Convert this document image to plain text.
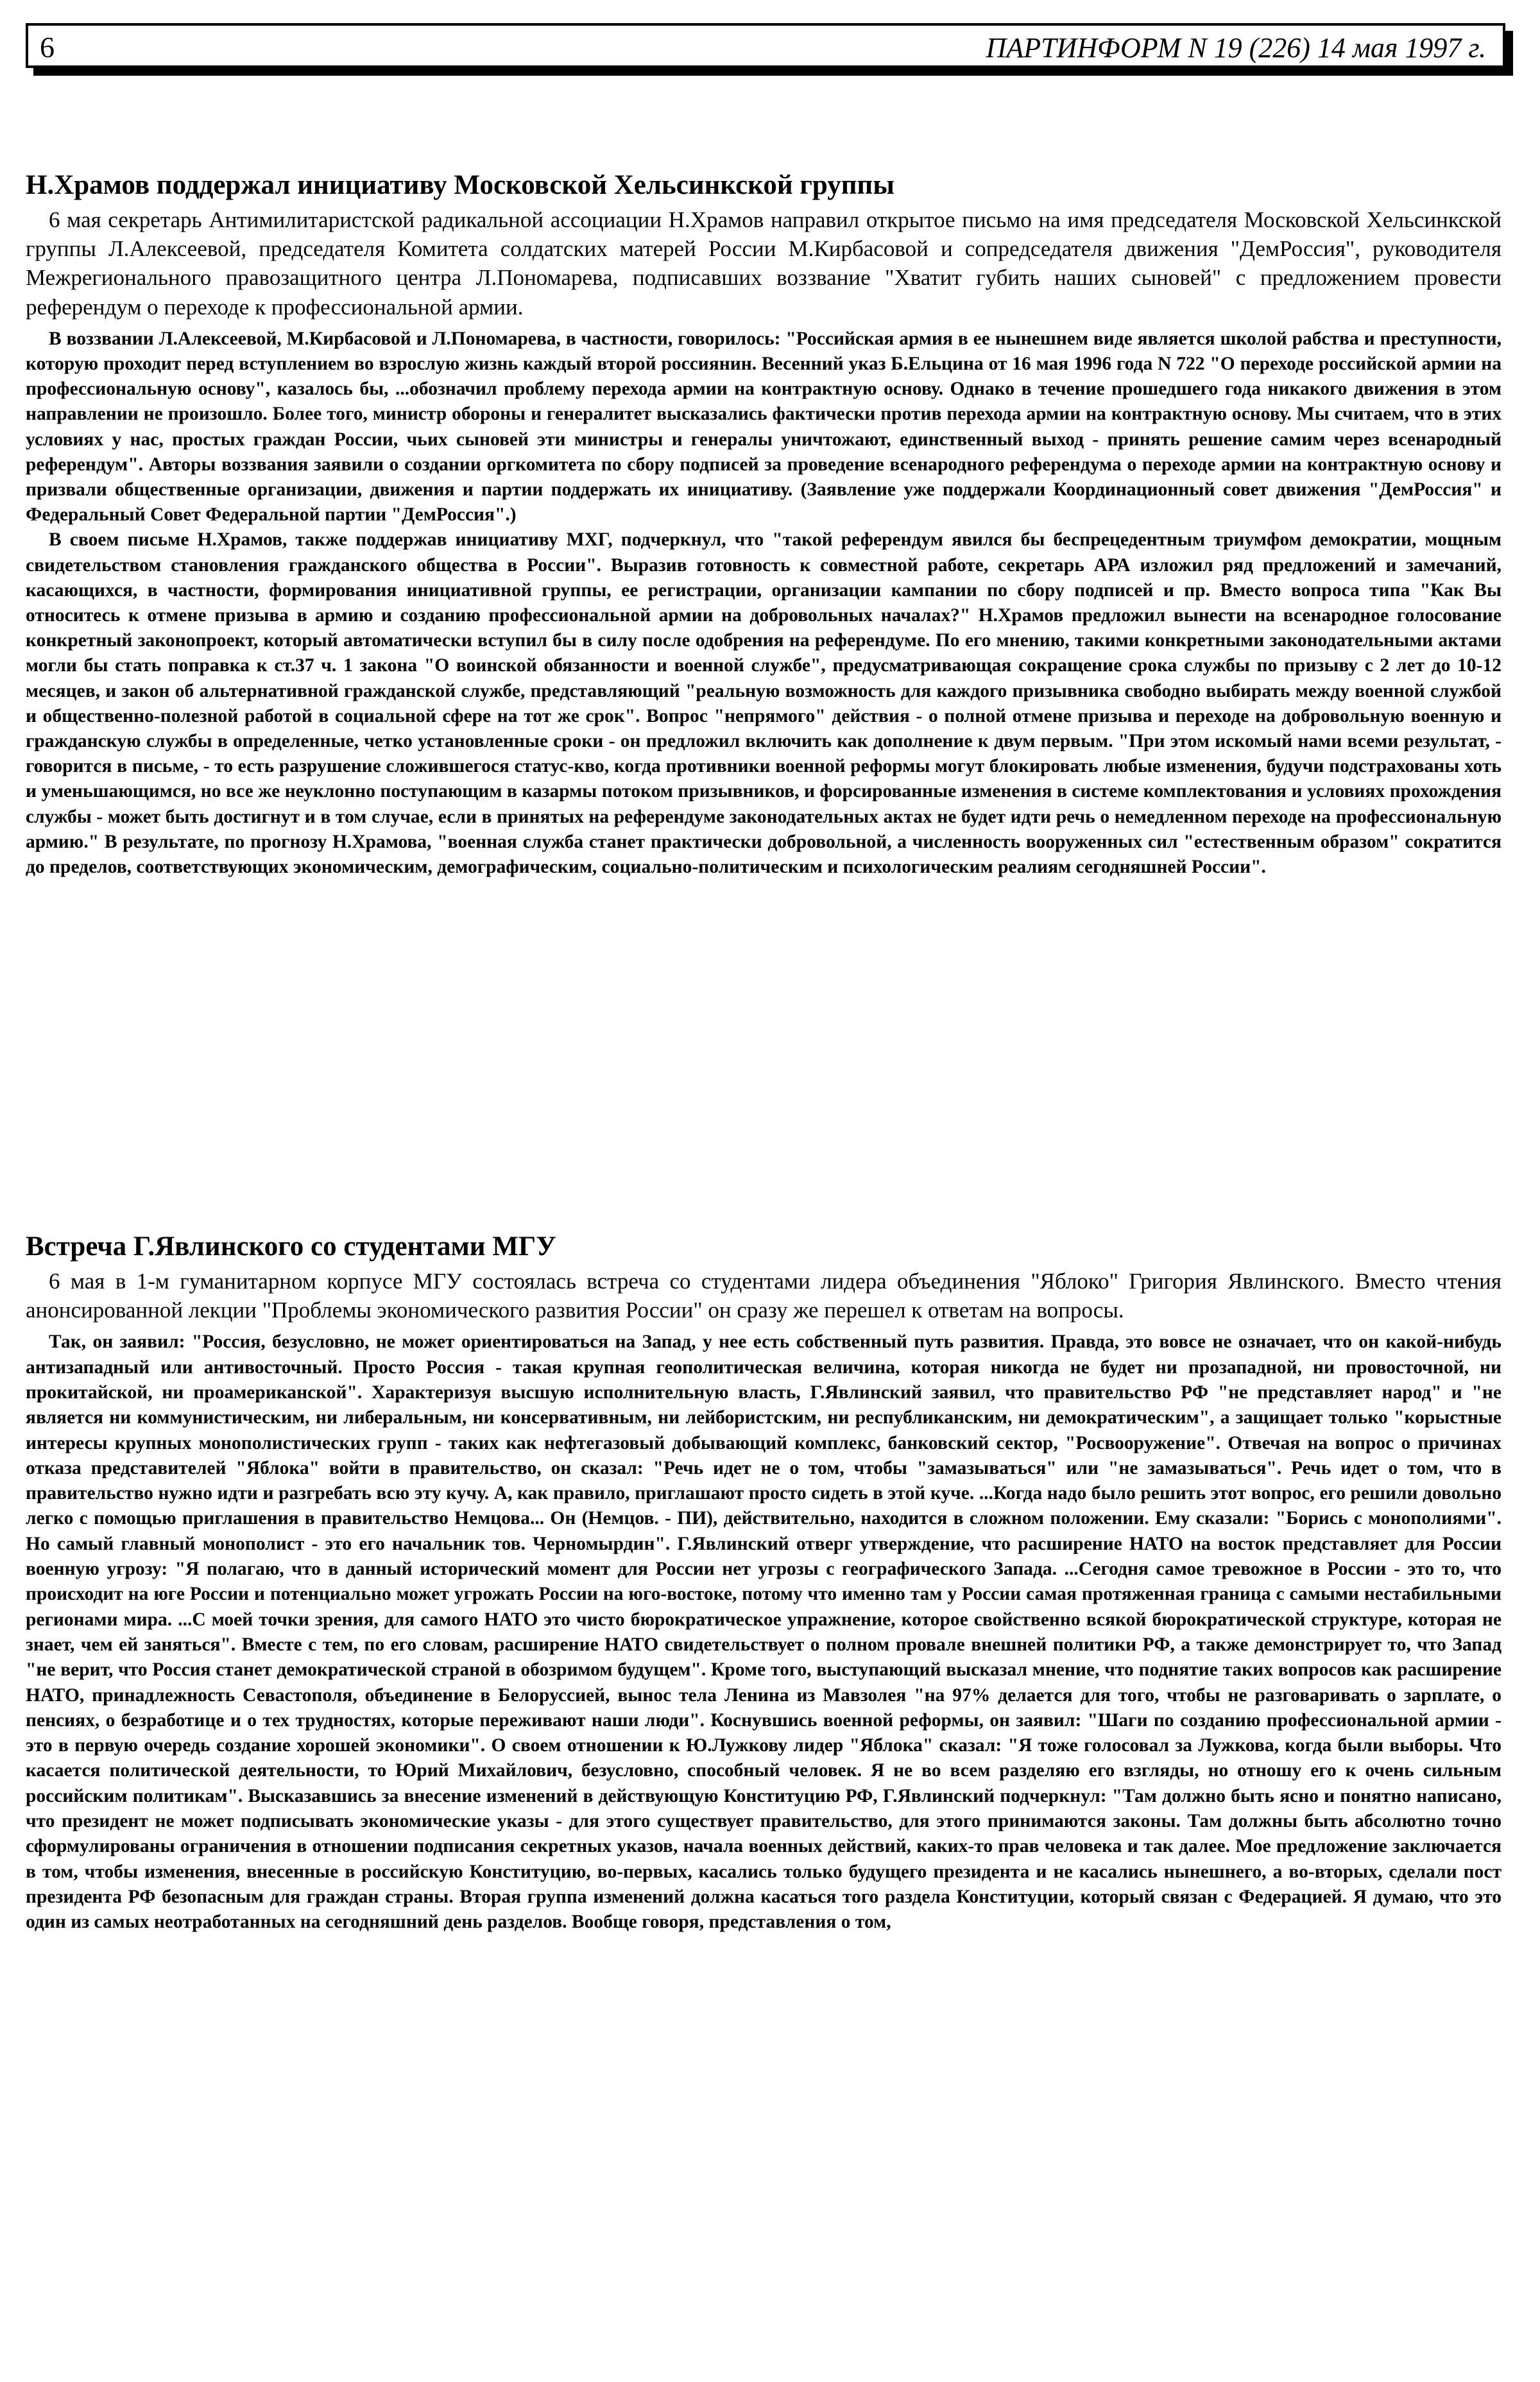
6	ПАРТИНФОРМ N 19 (226) 14 мая 1997 г.
Н.Храмов поддержал инициативу Московской Хельсинкской группы

6 мая секретарь Антимилитаристской радикальной ассоциации Н.Храмов направил открытое письмо на имя председателя Московской Хельсинкской группы Л.Алексеевой, председателя Комитета солдатских матерей России М.Кирбасовой и сопредседателя движения "ДемРоссия", руководителя Межрегионального правозащитного центра Л.Пономарева, подписавших воззвание "Хватит губить наших сыновей" с предложением провести референдум о переходе к профессиональной армии.

В воззвании Л.Алексеевой, М.Кирбасовой и Л.Пономарева, в частности, говорилось: "Российская армия в ее нынешнем виде является школой рабства и преступности, которую проходит перед вступлением во взрослую жизнь каждый второй россиянин. Весенний указ Б.Ельцина от 16 мая 1996 года N 722 "О переходе российской армии на профессиональную основу", казалось бы, ...обозначил проблему перехода армии на контрактную основу. Однако в течение прошедшего года никакого движения в этом направлении не произошло. Более того, министр обороны и генералитет высказались фактически против перехода армии на контрактную основу. Мы считаем, что в этих условиях у нас, простых граждан России, чьих сыновей эти министры и генералы уничтожают, единственный выход - принять решение самим через всенародный референдум". Авторы воззвания заявили о создании оргкомитета по сбору подписей за проведение всенародного референдума о переходе армии на контрактную основу и призвали общественные организации, движения и партии поддержать их инициативу. (Заявление уже поддержали Координационный совет движения "ДемРоссия" и Федеральный Совет Федеральной партии "ДемРоссия".)

В своем письме Н.Храмов, также поддержав инициативу МХГ, подчеркнул, что "такой референдум явился бы беспрецедентным триумфом демократии, мощным свидетельством становления гражданского общества в России". Выразив готовность к совместной работе, секретарь АРА изложил ряд предложений и замечаний, касающихся, в частности, формирования инициативной группы, ее регистрации, организации кампании по сбору подписей и пр. Вместо вопроса типа "Как Вы относитесь к отмене призыва в армию и созданию профессиональной армии на добровольных началах?" Н.Храмов предложил вынести на всенародное голосование конкретный законопроект, который автоматически вступил бы в силу после одобрения на референдуме. По его мнению, такими конкретными законодательными актами могли бы стать поправка к ст.37 ч. 1 закона "О воинской обязанности и военной службе", предусматривающая сокращение срока службы по призыву с 2 лет до 10-12 месяцев, и закон об альтернативной гражданской службе, представляющий "реальную возможность для каждого призывника свободно выбирать между военной службой и общественно-полезной работой в социальной сфере на тот же срок". Вопрос "непрямого" действия - о полной отмене призыва и переходе на добровольную военную и гражданскую службы в определенные, четко установленные сроки - он предложил включить как дополнение к двум первым. "При этом искомый нами всеми результат, - говорится в письме, - то есть разрушение сложившегося статус-кво, когда противники военной реформы могут блокировать любые изменения, будучи подстрахованы хоть и уменьшающимся, но все же неуклонно поступающим в казармы потоком призывников, и форсированные изменения в системе комплектования и условиях прохождения службы - может быть достигнут и в том случае, если в принятых на референдуме законодательных актах не будет идти речь о немедленном переходе на профессиональную армию." В результате, по прогнозу Н.Храмова, "военная служба станет практически добровольной, а численность вооруженных сил "естественным образом" сократится до пределов, соответствующих экономическим, демографическим, социально-политическим и психологическим реалиям сегодняшней России".

Встреча Г.Явлинского со студентами МГУ

6 мая в 1-м гуманитарном корпусе МГУ состоялась встреча со студентами лидера объединения "Яблоко" Григория Явлинского. Вместо чтения анонсированной лекции "Проблемы экономического развития России" он сразу же перешел к ответам на вопросы.

Так, он заявил: "Россия, безусловно, не может ориентироваться на Запад, у нее есть собственный путь развития. Правда, это вовсе не означает, что он какой-нибудь антизападный или антивосточный. Просто Россия - такая крупная геополитическая величина, которая никогда не будет ни прозападной, ни провосточной, ни прокитайской, ни проамериканской". Характеризуя высшую исполнительную власть, Г.Явлинский заявил, что правительство РФ "не представляет народ" и "не является ни коммунистическим, ни либеральным, ни консервативным, ни лейбористским, ни республиканским, ни демократическим", а защищает только "корыстные интересы крупных монополистических групп - таких как нефтегазовый добывающий комплекс, банковский сектор, "Росвооружение". Отвечая на вопрос о причинах отказа представителей "Яблока" войти в правительство, он сказал: "Речь идет не о том, чтобы "замазываться" или "не замазываться". Речь идет о том, что в правительство нужно идти и разгребать всю эту кучу. А, как правило, приглашают просто сидеть в этой куче. ...Когда надо было решить этот вопрос, его решили довольно легко с помощью приглашения в правительство Немцова... Он (Немцов. - ПИ), действительно, находится в сложном положении. Ему сказали: "Борись с монополиями". Но самый главный монополист - это его начальник тов. Черномырдин". Г.Явлинский отверг утверждение, что расширение НАТО на восток представляет для России военную угрозу: "Я полагаю, что в данный исторический момент для России нет угрозы с географического Запада. ...Сегодня самое тревожное в России - это то, что происходит на юге России и потенциально может угрожать России на юго-востоке, потому что именно там у России самая протяженная граница с самыми нестабильными регионами мира. ...С моей точки зрения, для самого НАТО это чисто бюрократическое упражнение, которое свойственно всякой бюрократической структуре, которая не знает, чем ей заняться". Вместе с тем, по его словам, расширение НАТО свидетельствует о полном провале внешней политики РФ, а также демонстрирует то, что Запад "не верит, что Россия станет демократической страной в обозримом будущем". Кроме того, выступающий высказал мнение, что поднятие таких вопросов как расширение НАТО, принадлежность Севастополя, объединение в Белоруссией, вынос тела Ленина из Мавзолея "на 97% делается для того, чтобы не разговаривать о зарплате, о пенсиях, о безработице и о тех трудностях, которые переживают наши люди". Коснувшись военной реформы, он заявил: "Шаги по созданию профессиональной армии - это в первую очередь создание хорошей экономики". О своем отношении к Ю.Лужкову лидер "Яблока" сказал: "Я тоже голосовал за Лужкова, когда были выборы. Что касается политической деятельности, то Юрий Михайлович, безусловно, способный человек. Я не во всем разделяю его взгляды, но отношу его к очень сильным российским политикам". Высказавшись за внесение изменений в действующую Конституцию РФ, Г.Явлинский подчеркнул: "Там должно быть ясно и понятно написано, что президент не может подписывать экономические указы - для этого существует правительство, для этого принимаются законы. Там должны быть абсолютно точно сформулированы ограничения в отношении подписания секретных указов, начала военных действий, каких-то прав человека и так далее. Мое предложение заключается в том, чтобы изменения, внесенные в российскую Конституцию, во-первых, касались только будущего президента и не касались нынешнего, а во-вторых, сделали пост президента РФ безопасным для граждан страны. Вторая группа изменений должна касаться того раздела Конституции, который связан с Федерацией. Я думаю, что это один из самых неотработанных на сегодняшний день разделов. Вообще говоря, представления о том,
